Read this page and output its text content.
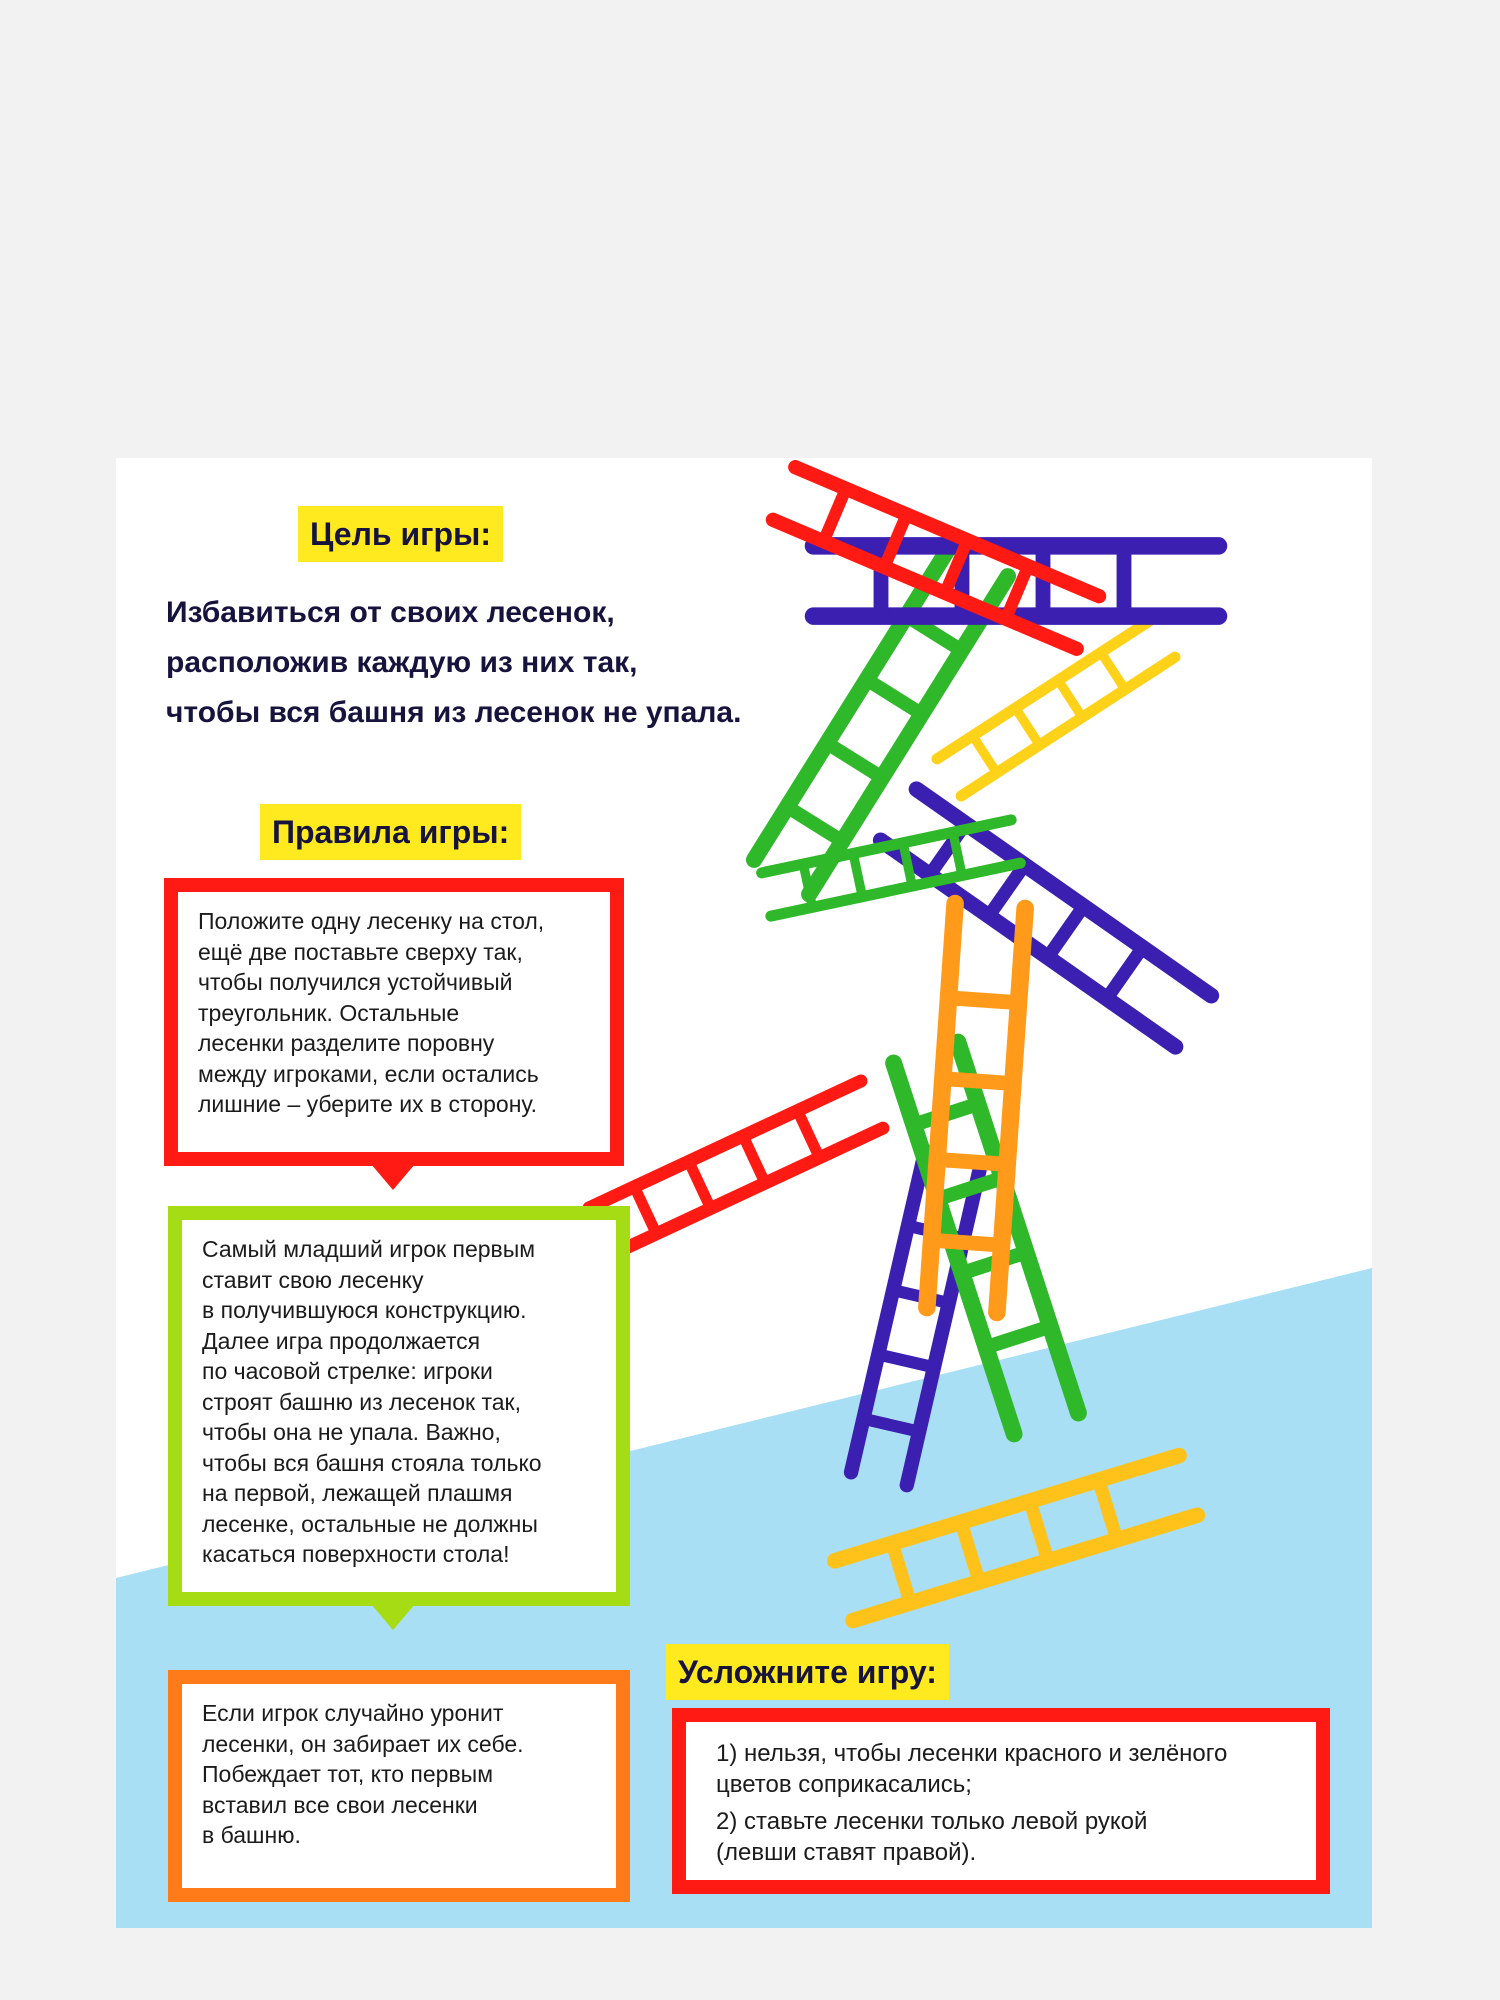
Цель игры:
Избавиться от своих лесенок,
расположив каждую из них так,
чтобы вся башня из лесенок не упала.
Правила игры:

Положите одну лесенку на стол,

ещё две поставьте сверху так,

чтобы получился устойчивый

треугольник. Остальные

лесенки разделите поровну

между игроками, если остались

лишние – уберите их в сторону.

Самый младший игрок первым

ставит свою лесенку

в получившуюся конструкцию.

Далее игра продолжается

по часовой стрелке: игроки

строят башню из лесенок так,

чтобы она не упала. Важно,

чтобы вся башня стояла только

на первой, лежащей плашмя

лесенке, остальные не должны

касаться поверхности стола!

Если игрок случайно уронит

лесенки, он забирает их себе.

Побеждает тот, кто первым

вставил все свои лесенки

в башню.

Усложните игру:

1) нельзя, чтобы лесенки красного и зелёного

цветов соприкасались;

2) ставьте лесенки только левой рукой

(левши ставят правой).
